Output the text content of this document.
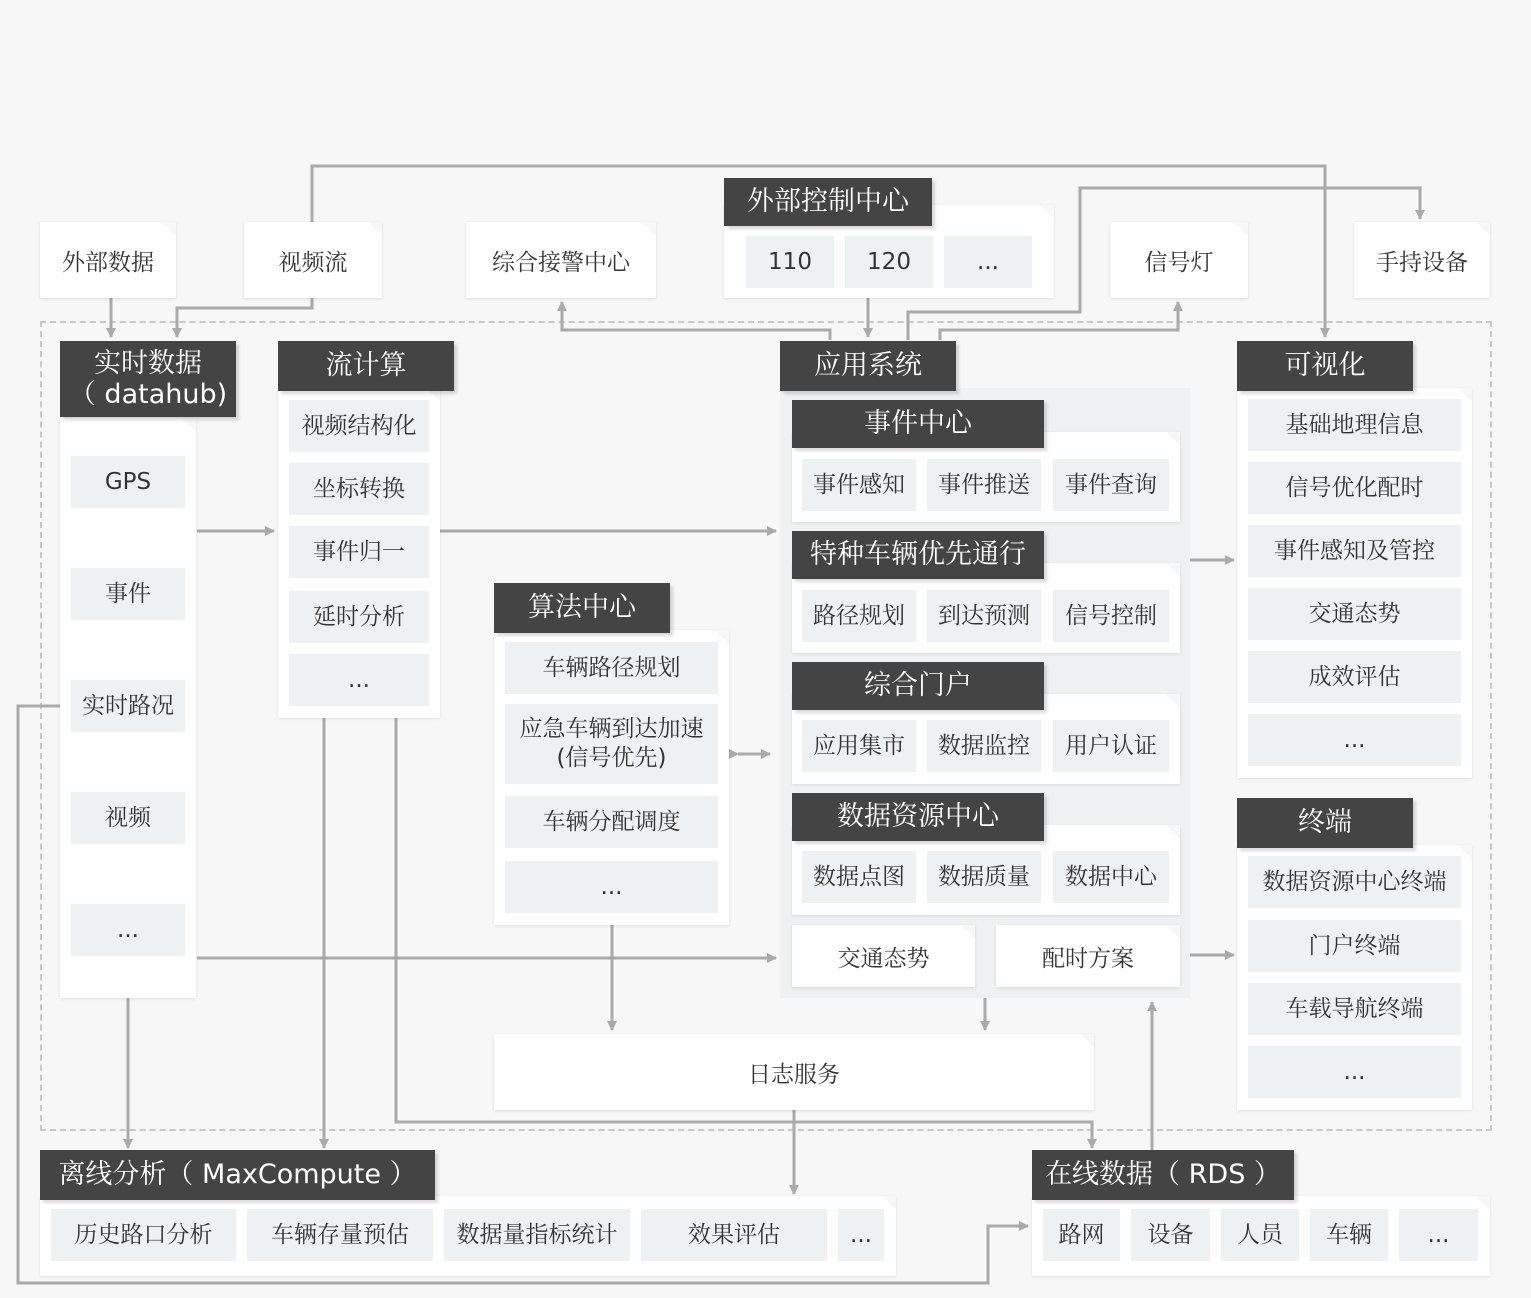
外部数据	视频流	综合接警中心
外部控制中心
110	120	...	信号灯	手持设备
实时数据
（ datahub)
GPS
事件
实时路况
视频
...
流计算
视频结构化
坐标转换
事件归一
延时分析
...
算法中心
车辆路径规划
应急车辆到达加速
(信号优先)
车辆分配调度
...
应用系统
事件中心
事件感知	事件推送	事件查询
特种车辆优先通行
路径规划	到达预测	信号控制
综合门户
应用集市	数据监控	用户认证
数据资源中心
数据点图	数据质量	数据中心
交通态势	配时方案
可视化
基础地理信息
信号优化配时
事件感知及管控
交通态势
成效评估
...
终端
数据资源中心终端
门户终端
车载导航终端
...
日志服务
离线分析（ MaxCompute ）
历史路口分析	车辆存量预估	数据量指标统计	效果评估	...
在线数据（ RDS ）
路网	设备	人员	车辆	...
